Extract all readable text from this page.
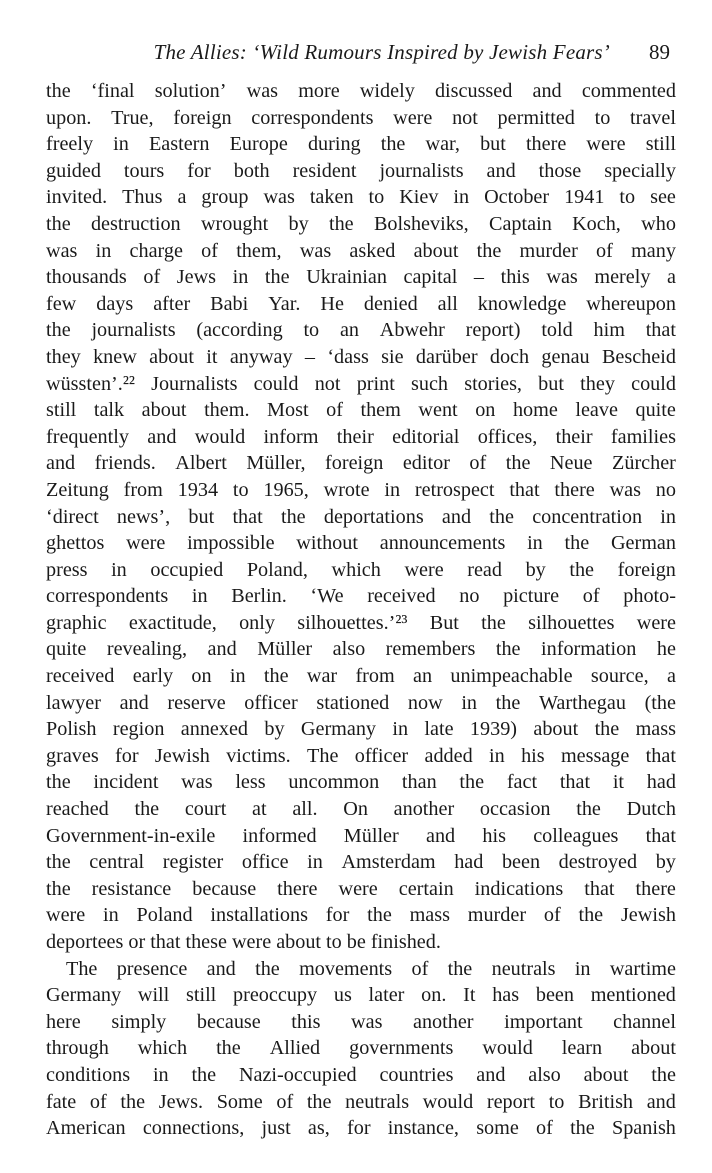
The Allies: ‘Wild Rumours Inspired by Jewish Fears’ 89
the ‘final solution’ was more widely discussed and commented
upon. True, foreign correspondents were not permitted to travel
freely in Eastern Europe during the war, but there were still
guided tours for both resident journalists and those specially
invited. Thus a group was taken to Kiev in October 1941 to see
the destruction wrought by the Bolsheviks, Captain Koch, who
was in charge of them, was asked about the murder of many
thousands of Jews in the Ukrainian capital – this was merely a
few days after Babi Yar. He denied all knowledge whereupon
the journalists (according to an Abwehr report) told him that
they knew about it anyway – ‘dass sie darüber doch genau Bescheid
wüssten’.²² Journalists could not print such stories, but they could
still talk about them. Most of them went on home leave quite
frequently and would inform their editorial offices, their families
and friends. Albert Müller, foreign editor of the Neue Zürcher
Zeitung from 1934 to 1965, wrote in retrospect that there was no
‘direct news’, but that the deportations and the concentration in
ghettos were impossible without announcements in the German
press in occupied Poland, which were read by the foreign
correspondents in Berlin. ‘We received no picture of photo-
graphic exactitude, only silhouettes.’²³ But the silhouettes were
quite revealing, and Müller also remembers the information he
received early on in the war from an unimpeachable source, a
lawyer and reserve officer stationed now in the Warthegau (the
Polish region annexed by Germany in late 1939) about the mass
graves for Jewish victims. The officer added in his message that
the incident was less uncommon than the fact that it had
reached the court at all. On another occasion the Dutch
Government-in-exile informed Müller and his colleagues that
the central register office in Amsterdam had been destroyed by
the resistance because there were certain indications that there
were in Poland installations for the mass murder of the Jewish
deportees or that these were about to be finished.
The presence and the movements of the neutrals in wartime
Germany will still preoccupy us later on. It has been mentioned
here simply because this was another important channel
through which the Allied governments would learn about
conditions in the Nazi-occupied countries and also about the
fate of the Jews. Some of the neutrals would report to British and
American connections, just as, for instance, some of the Spanish
